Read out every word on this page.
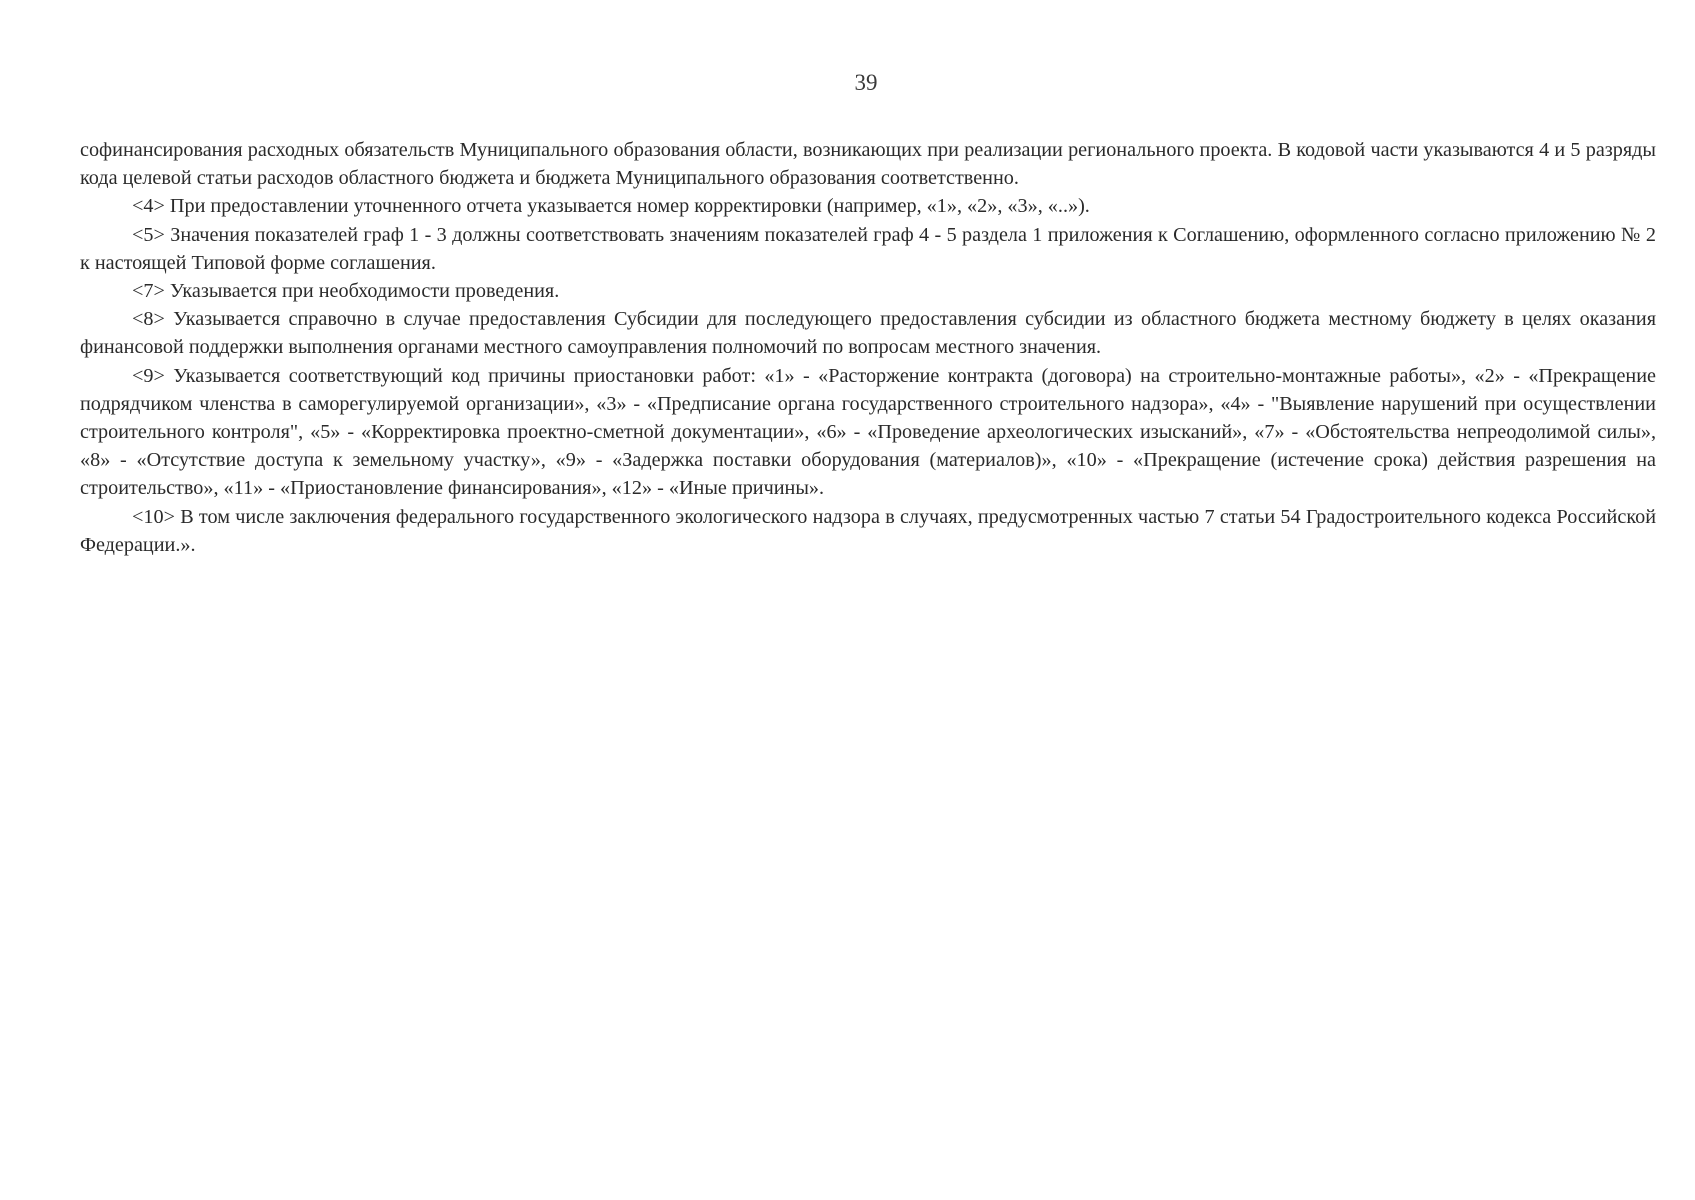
39

софинансирования расходных обязательств Муниципального образования области, возникающих при реализации регионального проекта. В кодовой части указываются 4 и 5 разряды кода целевой статьи расходов областного бюджета и бюджета Муниципального образования соответственно.

<4> При предоставлении уточненного отчета указывается номер корректировки (например, «1», «2», «3», «..»).

<5> Значения показателей граф 1 - 3 должны соответствовать значениям показателей граф 4 - 5 раздела 1 приложения к Соглашению, оформленного согласно приложению № 2 к настоящей Типовой форме соглашения.

<7> Указывается при необходимости проведения.

<8> Указывается справочно в случае предоставления Субсидии для последующего предоставления субсидии из областного бюджета местному бюджету в целях оказания финансовой поддержки выполнения органами местного самоуправления полномочий по вопросам местного значения.

<9> Указывается соответствующий код причины приостановки работ: «1» - «Расторжение контракта (договора) на строительно-монтажные работы», «2» - «Прекращение подрядчиком членства в саморегулируемой организации», «3» - «Предписание органа государственного строительного надзора», «4» - "Выявление нарушений при осуществлении строительного контроля", «5» - «Корректировка проектно-сметной документации», «6» - «Проведение археологических изысканий», «7» - «Обстоятельства непреодолимой силы», «8» - «Отсутствие доступа к земельному участку», «9» - «Задержка поставки оборудования (материалов)», «10» - «Прекращение (истечение срока) действия разрешения на строительство», «11» - «Приостановление финансирования», «12» - «Иные причины».

<10> В том числе заключения федерального государственного экологического надзора в случаях, предусмотренных частью 7 статьи 54 Градостроительного кодекса Российской Федерации.».
